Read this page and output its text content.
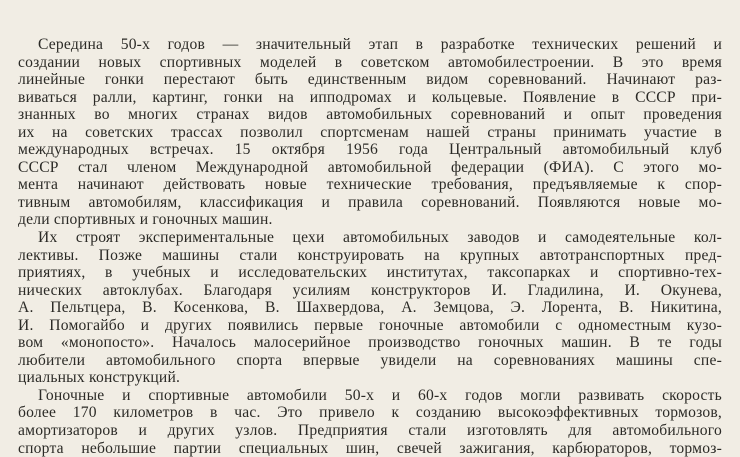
Середина 50-х годов — значительный этап в разработке технических решений и
создании новых спортивных моделей в советском автомобилестроении. В это время
линейные гонки перестают быть единственным видом соревнований. Начинают раз-
виваться ралли, картинг, гонки на ипподромах и кольцевые. Появление в СССР при-
знанных во многих странах видов автомобильных соревнований и опыт проведения
их на советских трассах позволил спортсменам нашей страны принимать участие в
международных встречах. 15 октября 1956 года Центральный автомобильный клуб
СССР стал членом Международной автомобильной федерации (ФИА). С этого мо-
мента начинают действовать новые технические требования, предъявляемые к спор-
тивным автомобилям, классификация и правила соревнований. Появляются новые мо-
дели спортивных и гоночных машин.
Их строят экспериментальные цехи автомобильных заводов и самодеятельные кол-
лективы. Позже машины стали конструировать на крупных автотранспортных пред-
приятиях, в учебных и исследовательских институтах, таксопарках и спортивно-тех-
нических автоклубах. Благодаря усилиям конструкторов И. Гладилина, И. Окунева,
А. Пельтцера, В. Косенкова, В. Шахвердова, А. Земцова, Э. Лорента, В. Никитина,
И. Помогайбо и других появились первые гоночные автомобили с одноместным кузо-
вом «монопосто». Началось малосерийное производство гоночных машин. В те годы
любители автомобильного спорта впервые увидели на соревнованиях машины спе-
циальных конструкций.
Гоночные и спортивные автомобили 50-х и 60-х годов могли развивать скорость
более 170 километров в час. Это привело к созданию высокоэффективных тормозов,
амортизаторов и других узлов. Предприятия стали изготовлять для автомобильного
спорта небольшие партии специальных шин, свечей зажигания, карбюраторов, тормоз-
